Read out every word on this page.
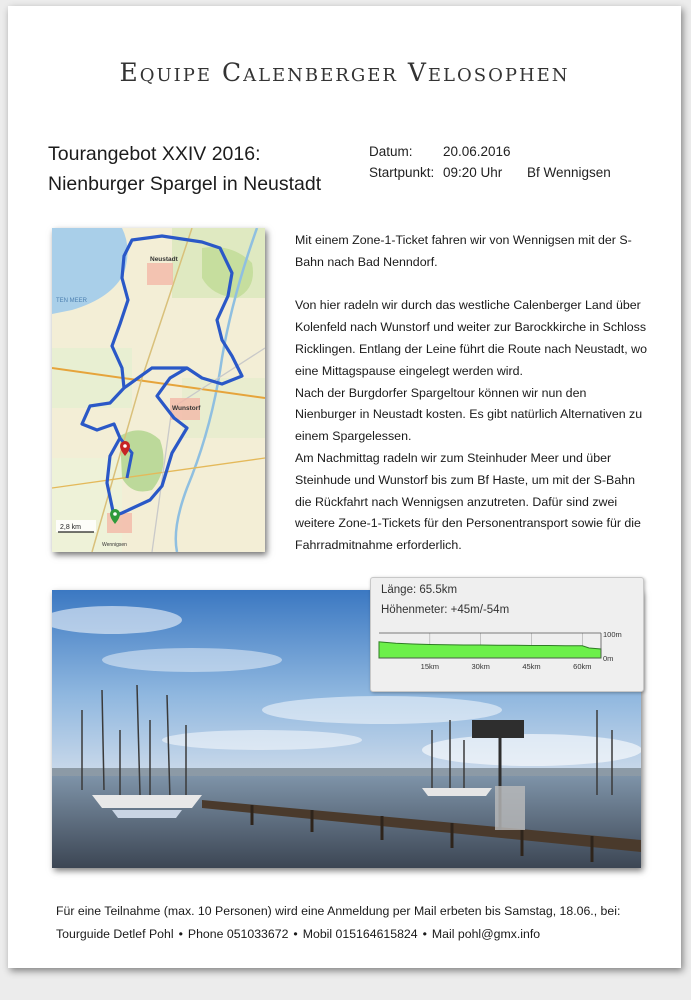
Equipe Calenberger Velosophen
Tourangebot XXIV 2016:
Nienburger Spargel in Neustadt
Datum:	20.06.2016
Startpunkt: 09:20 Uhr	Bf Wennigsen
TEN MEER
Neustadt
Wunstorf
Wennigsen
2,8 km

Mit einem Zone-1-Ticket fahren wir von Wennigsen mit der S-Bahn nach Bad Nenndorf.

Von hier radeln wir durch das westliche Calenberger Land über Kolenfeld nach Wunstorf und weiter zur Barockkirche in Schloss Ricklingen. Entlang der Leine führt die Route nach Neustadt, wo eine Mittagspause eingelegt werden wird.

Nach der Burgdorfer Spargeltour können wir nun den Nienburger in Neustadt kosten. Es gibt natürlich Alternativen zu einem Spargelessen.

Am Nachmittag radeln wir zum Steinhuder Meer und über Steinhude und Wunstorf bis zum Bf Haste, um mit der S-Bahn die Rückfahrt nach Wennigsen anzutreten. Dafür sind zwei weitere Zone-1-Tickets für den Personentransport sowie für die Fahrradmitnahme erforderlich.

Länge: 65.5km
Höhenmeter: +45m/-54m
100m
0m
15km	30km	45km	60km
Für eine Teilnahme (max. 10 Personen) wird eine Anmeldung per Mail erbeten bis Samstag, 18.06., bei:
Tourguide Detlef Pohl • Phone 051033672 • Mobil 015164615824 • Mail pohl@gmx.info
